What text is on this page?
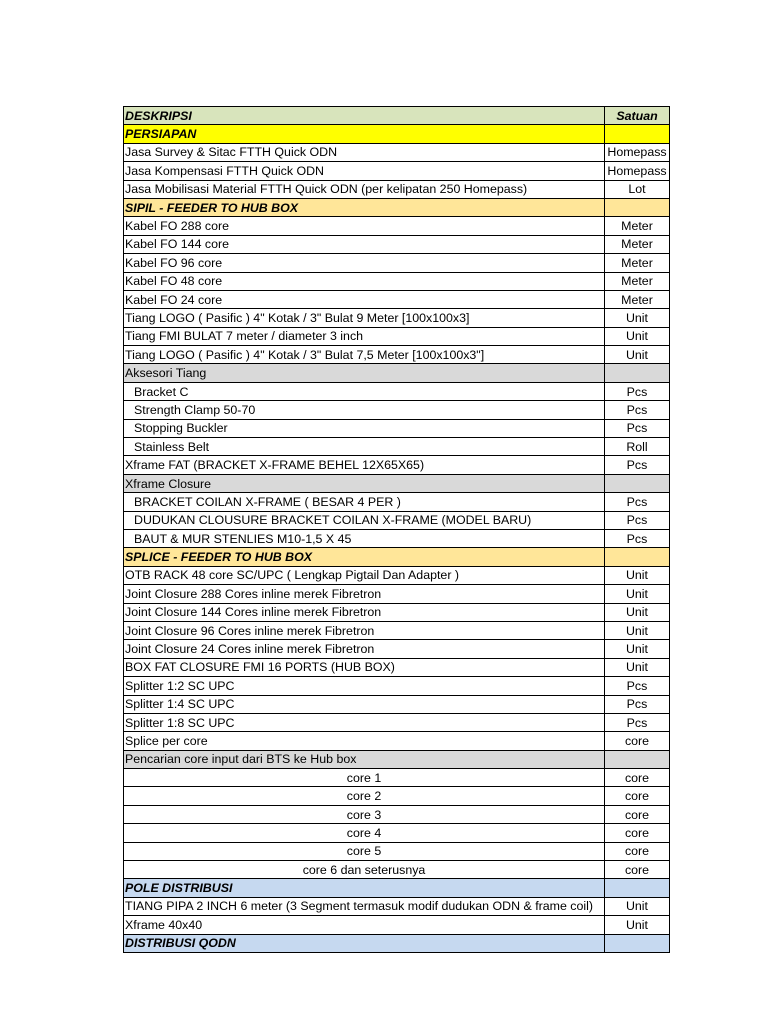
DESKRIPSI	Satuan
PERSIAPAN	
Jasa Survey & Sitac FTTH Quick ODN	Homepass
Jasa Kompensasi FTTH Quick ODN	Homepass
Jasa Mobilisasi Material FTTH Quick ODN (per kelipatan 250 Homepass)	Lot
SIPIL - FEEDER TO HUB BOX	
Kabel FO 288 core	Meter
Kabel FO 144 core	Meter
Kabel FO 96 core	Meter
Kabel FO 48 core	Meter
Kabel FO 24 core	Meter
Tiang LOGO ( Pasific ) 4" Kotak / 3" Bulat 9 Meter [100x100x3]	Unit
Tiang FMI BULAT 7 meter / diameter 3 inch	Unit
Tiang LOGO ( Pasific ) 4" Kotak / 3" Bulat 7,5 Meter [100x100x3"]	Unit
Aksesori Tiang	
Bracket C	Pcs
Strength Clamp 50-70	Pcs
Stopping Buckler	Pcs
Stainless Belt	Roll
Xframe FAT (BRACKET X-FRAME BEHEL 12X65X65)	Pcs
Xframe Closure	
BRACKET COILAN X-FRAME ( BESAR 4 PER )	Pcs
DUDUKAN CLOUSURE BRACKET COILAN X-FRAME (MODEL BARU)	Pcs
BAUT & MUR STENLIES M10-1,5 X 45	Pcs
SPLICE - FEEDER TO HUB BOX	
OTB RACK 48 core SC/UPC ( Lengkap Pigtail Dan Adapter )	Unit
Joint Closure 288 Cores inline merek Fibretron	Unit
Joint Closure 144 Cores inline merek Fibretron	Unit
Joint Closure 96 Cores inline merek Fibretron	Unit
Joint Closure 24 Cores inline merek Fibretron	Unit
BOX FAT CLOSURE FMI 16 PORTS (HUB BOX)	Unit
Splitter 1:2 SC UPC	Pcs
Splitter 1:4 SC UPC	Pcs
Splitter 1:8 SC UPC	Pcs
Splice per core	core
Pencarian core input dari BTS ke Hub box	
core 1	core
core 2	core
core 3	core
core 4	core
core 5	core
core 6 dan seterusnya	core
POLE DISTRIBUSI	
TIANG PIPA 2 INCH 6 meter (3 Segment termasuk modif dudukan ODN & frame coil)	Unit
Xframe 40x40	Unit
DISTRIBUSI QODN	
